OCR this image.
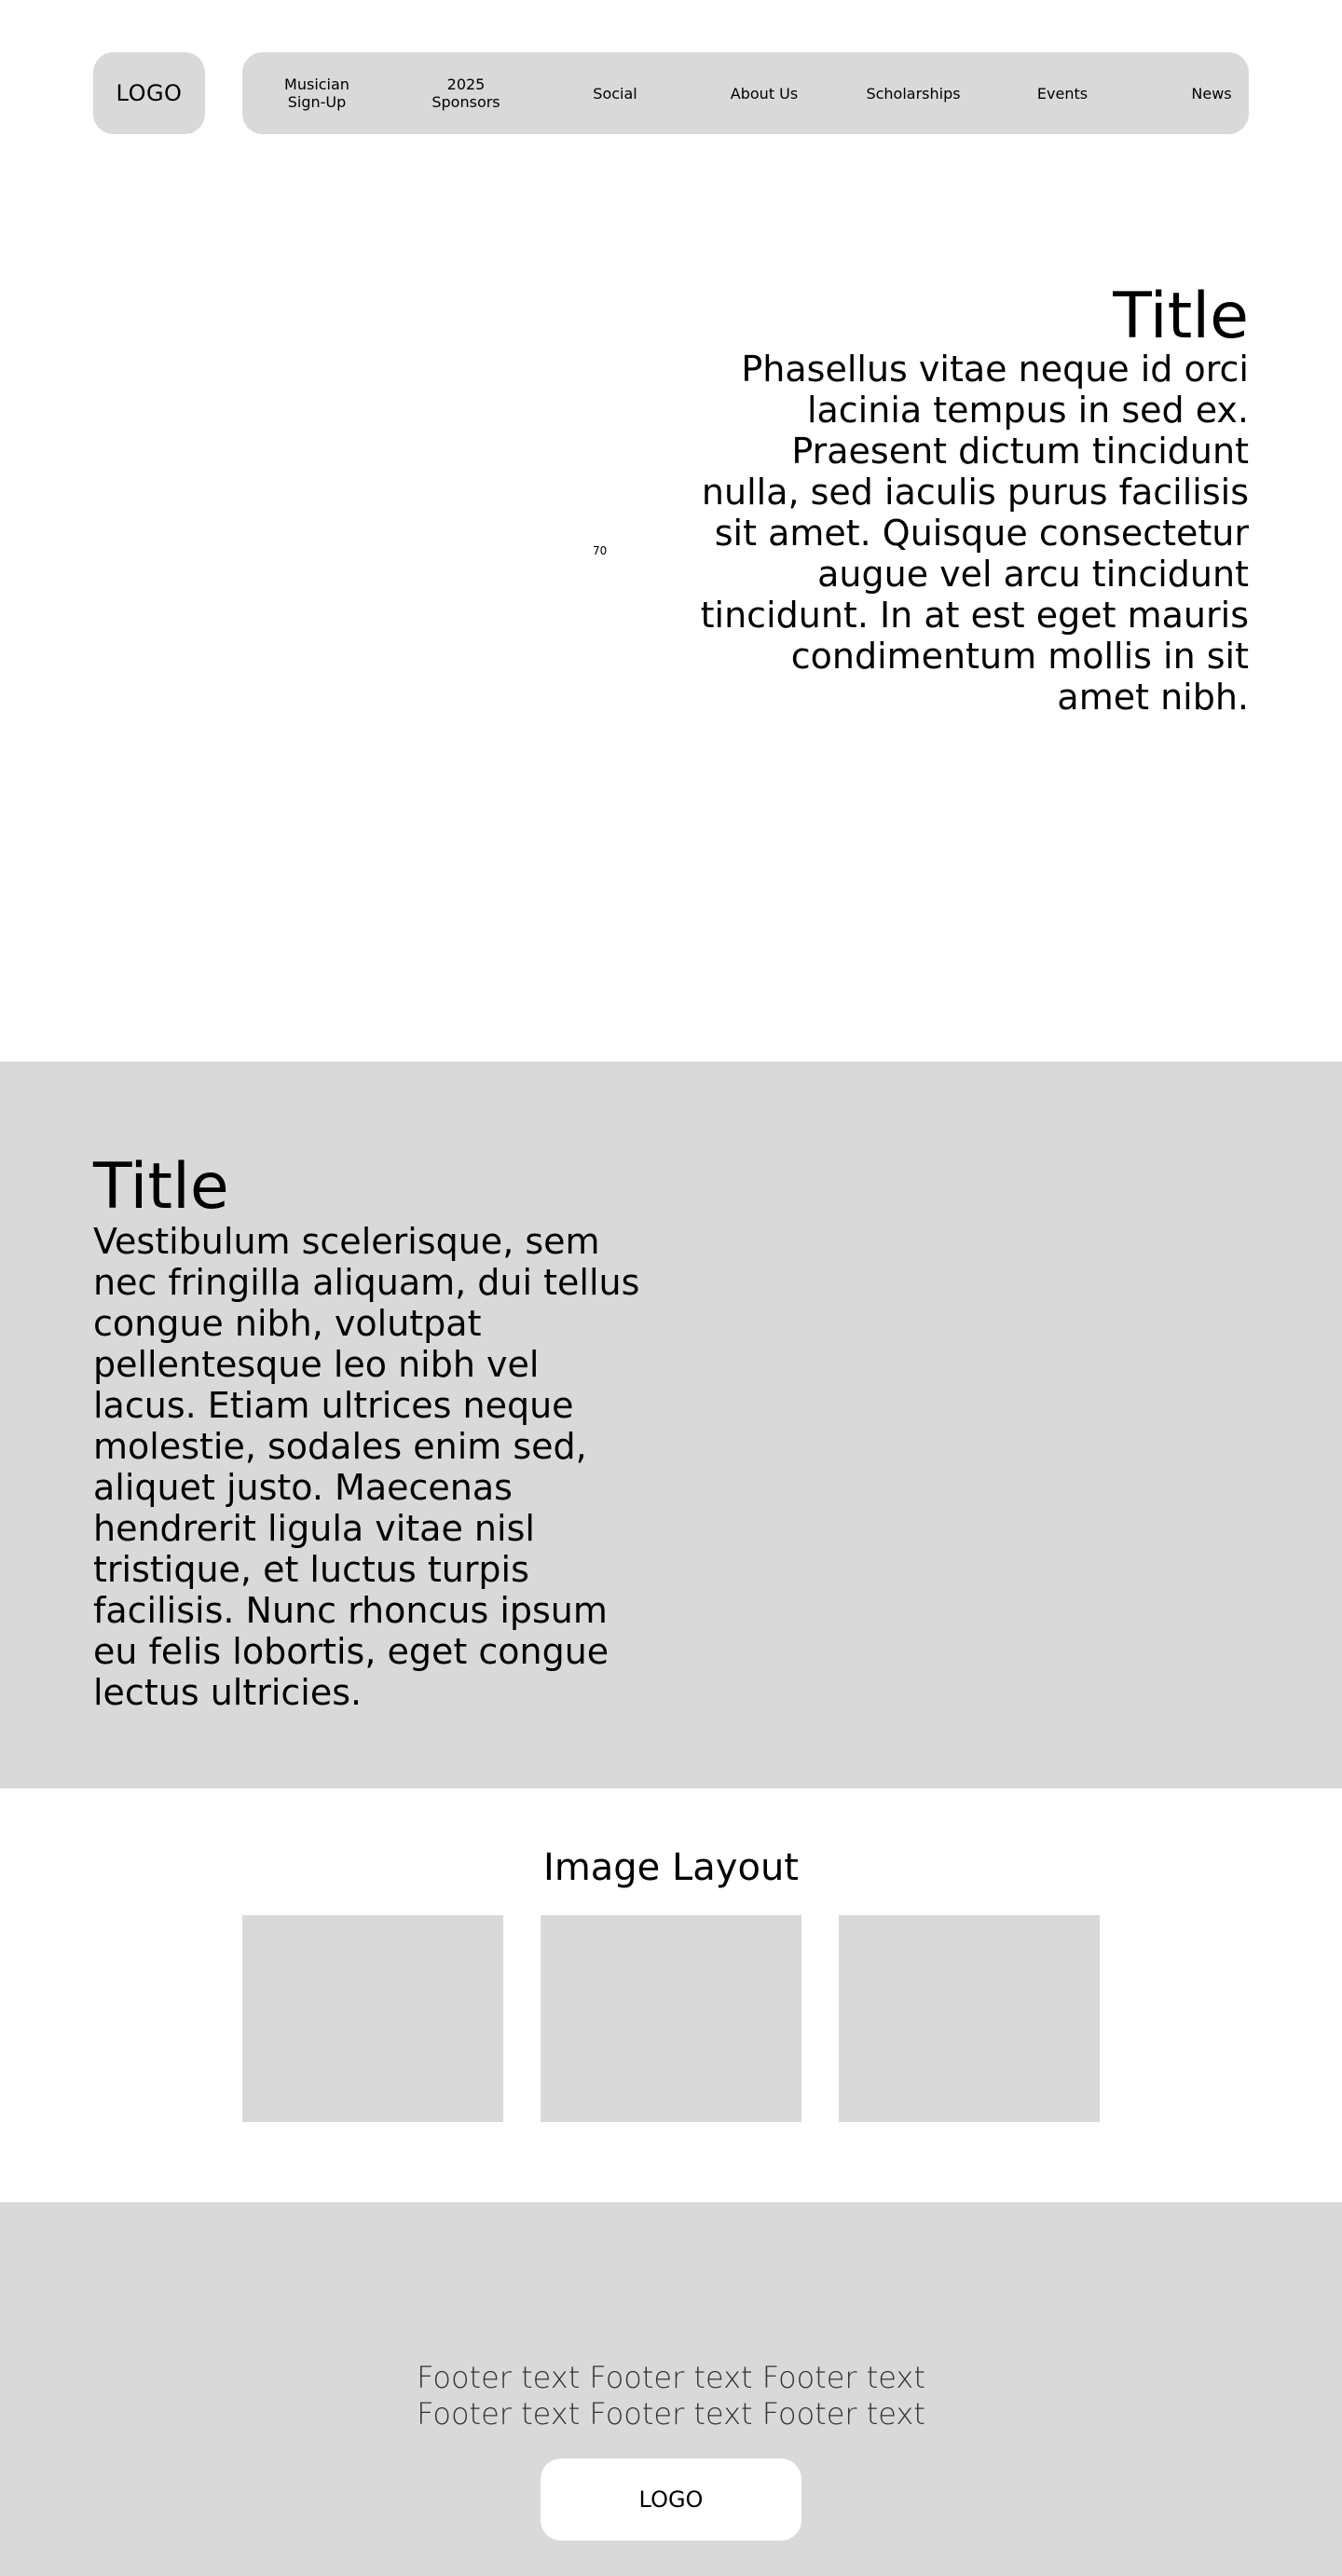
LOGO	Musician
Sign-Up
2025
Sponsors	Social	About Us	Scholarships	Events	News
70
Title

Phasellus vitae neque id orci lacinia tempus in sed ex. Praesent dictum tincidunt nulla, sed iaculis purus facilisis sit amet. Quisque consectetur augue vel arcu tincidunt tincidunt. In at est eget mauris condimentum mollis in sit amet nibh.

Title

Vestibulum scelerisque, sem nec fringilla aliquam, dui tellus congue nibh, volutpat pellentesque leo nibh vel lacus. Etiam ultrices neque molestie, sodales enim sed, aliquet justo. Maecenas hendrerit ligula vitae nisl tristique, et luctus turpis facilisis. Nunc rhoncus ipsum eu felis lobortis, eget congue lectus ultricies.

Image Layout
Footer text Footer text Footer text
Footer text Footer text Footer text
LOGO
